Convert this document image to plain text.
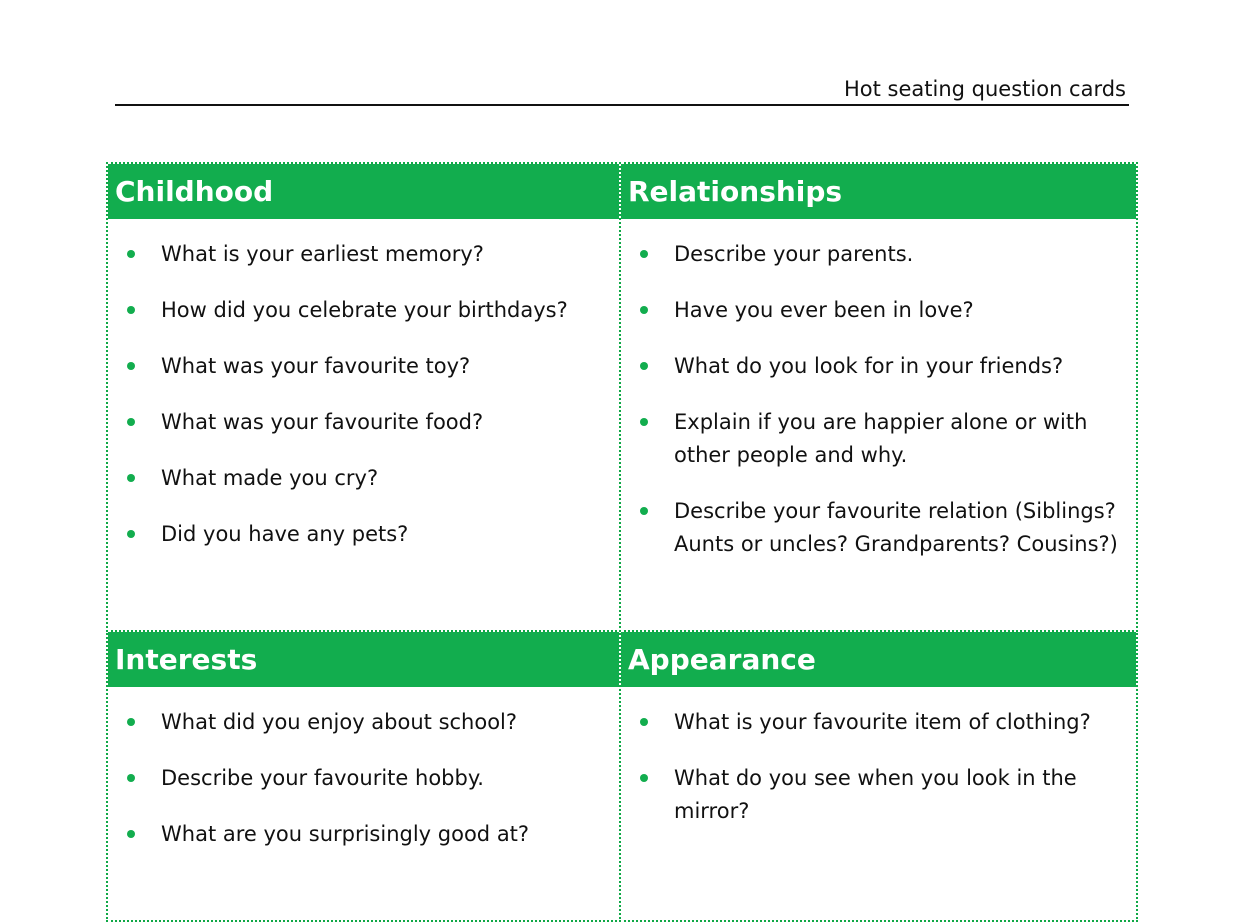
Hot seating question cards
Childhood
What is your earliest memory?
How did you celebrate your birthdays?
What was your favourite toy?
What was your favourite food?
What made you cry?
Did you have any pets?
Relationships
Describe your parents.
Have you ever been in love?
What do you look for in your friends?
Explain if you are happier alone or with other people and why.
Describe your favourite relation (Siblings? Aunts or uncles? Grandparents? Cousins?)
Interests
What did you enjoy about school?
Describe your favourite hobby.
What are you surprisingly good at?
Appearance
What is your favourite item of clothing?
What do you see when you look in the mirror?
